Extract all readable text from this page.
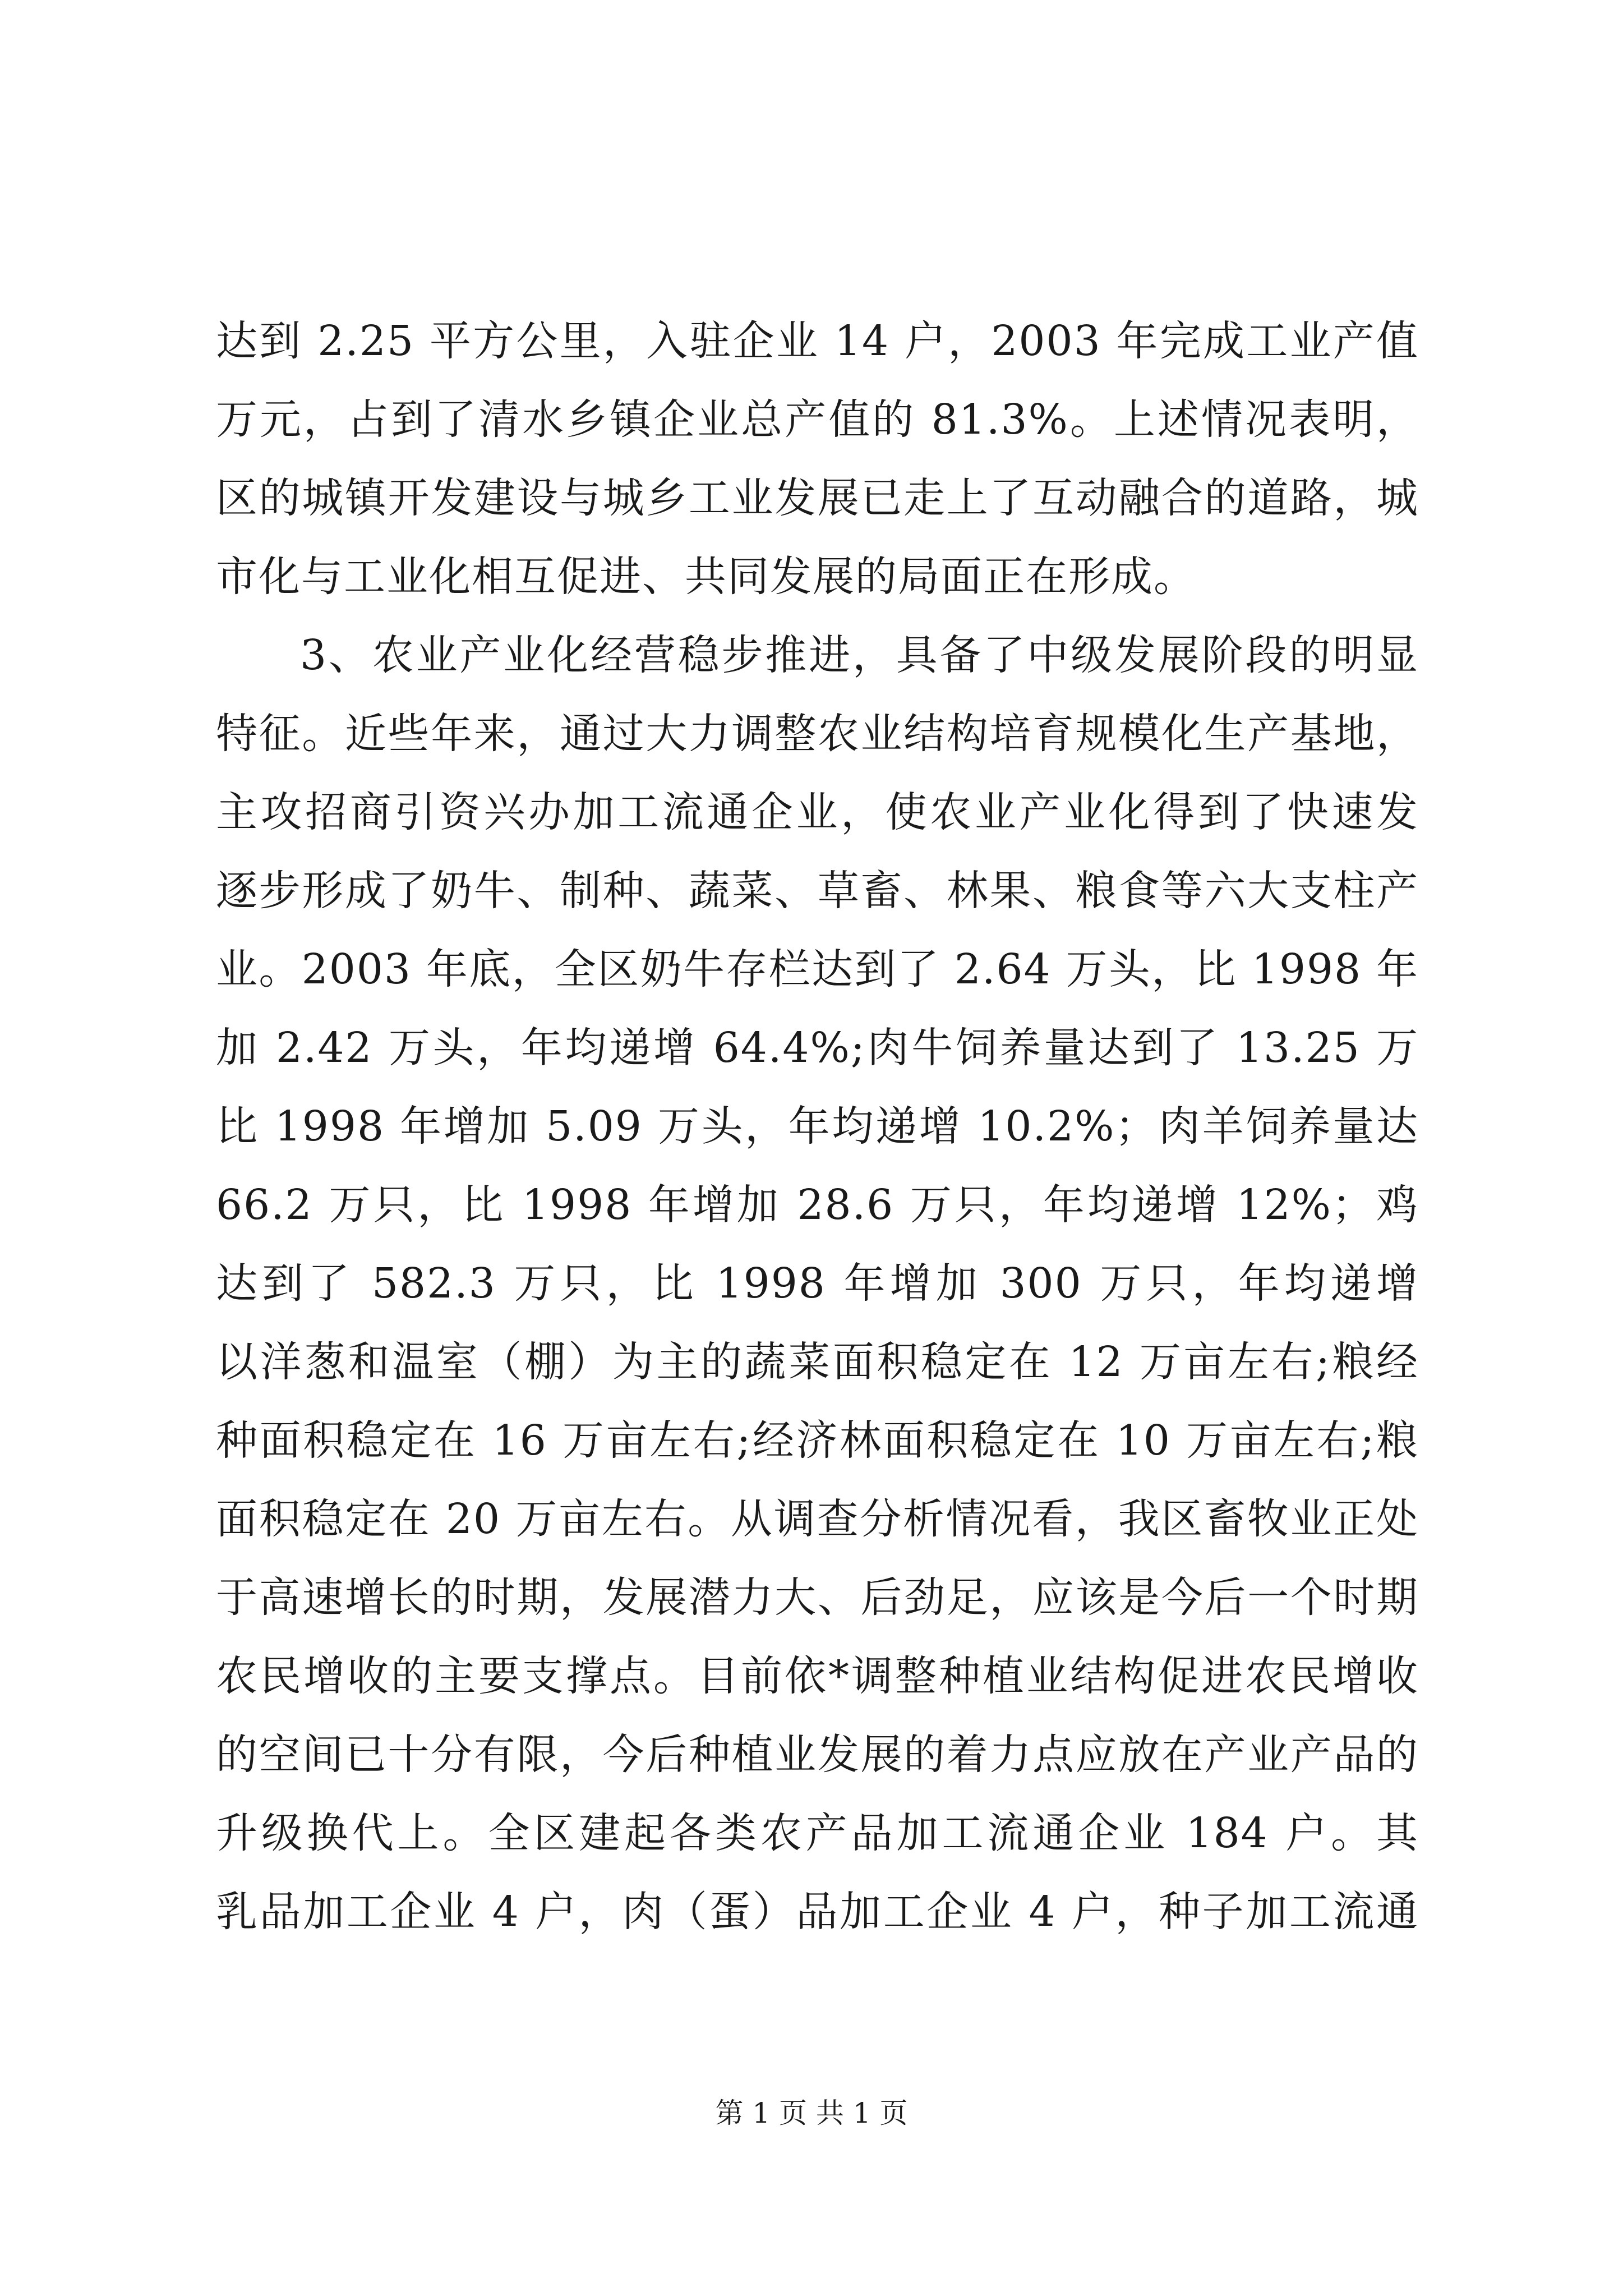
达到 2.25 平方公里，入驻企业 14 户，2003 年完成工业产值
万元，占到了清水乡镇企业总产值的 81.3%。上述情况表明，
区的城镇开发建设与城乡工业发展已走上了互动融合的道路，城
市化与工业化相互促进、共同发展的局面正在形成。
3、农业产业化经营稳步推进，具备了中级发展阶段的明显
特征。近些年来，通过大力调整农业结构培育规模化生产基地，
主攻招商引资兴办加工流通企业，使农业产业化得到了快速发
逐步形成了奶牛、制种、蔬菜、草畜、林果、粮食等六大支柱产
业。2003 年底，全区奶牛存栏达到了 2.64 万头，比 1998 年
加 2.42 万头，年均递增 64.4%;肉牛饲养量达到了 13.25 万
比 1998 年增加 5.09 万头，年均递增 10.2%；肉羊饲养量达
66.2 万只，比 1998 年增加 28.6 万只，年均递增 12%；鸡
达到了 582.3 万只，比 1998 年增加 300 万只，年均递增
以洋葱和温室（棚）为主的蔬菜面积稳定在 12 万亩左右;粮经
种面积稳定在 16 万亩左右;经济林面积稳定在 10 万亩左右;粮
面积稳定在 20 万亩左右。从调查分析情况看，我区畜牧业正处
于高速增长的时期，发展潜力大、后劲足，应该是今后一个时期
农民增收的主要支撑点。目前依*调整种植业结构促进农民增收
的空间已十分有限，今后种植业发展的着力点应放在产业产品的
升级换代上。全区建起各类农产品加工流通企业 184 户。其
乳品加工企业 4 户，肉（蛋）品加工企业 4 户，种子加工流通
第 1 页 共 1 页
